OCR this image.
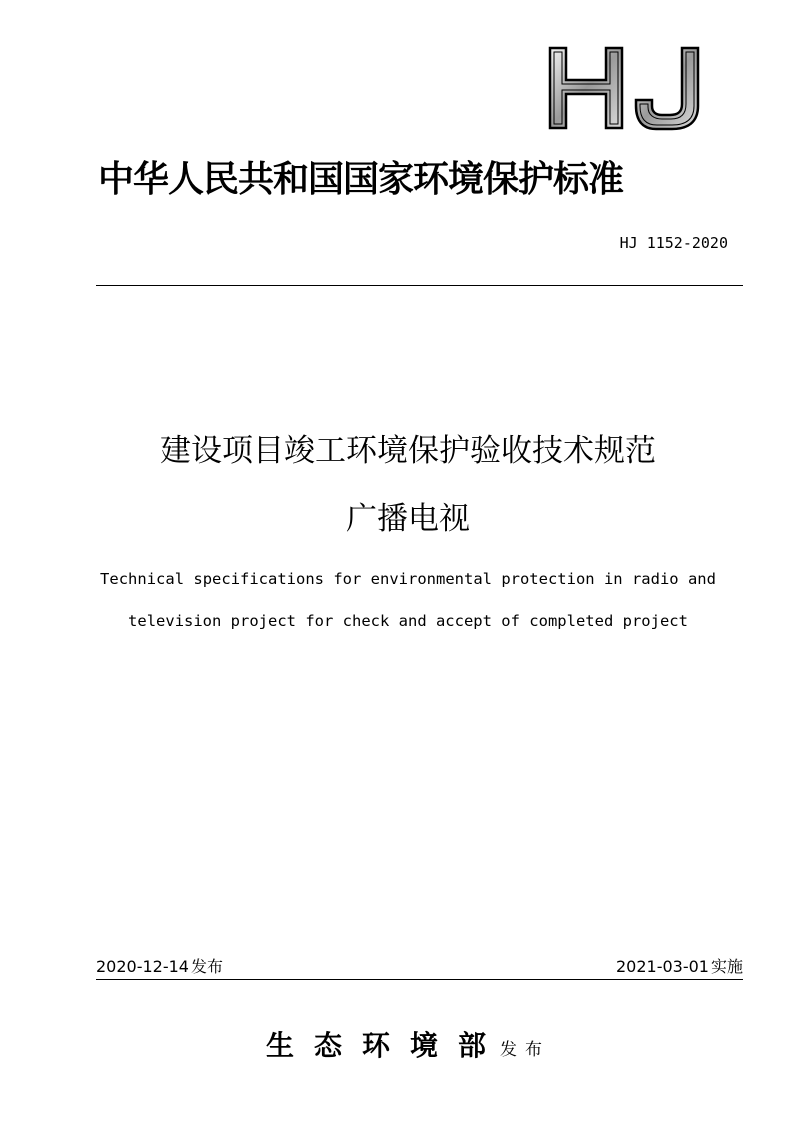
中华人民共和国国家环境保护标准
HJ 1152-2020
建设项目竣工环境保护验收技术规范
广播电视
Technical specifications for environmental protection in radio and
television project for check and accept of completed project
2020-12-14 发布	2021-03-01 实施
生态环境部发布
